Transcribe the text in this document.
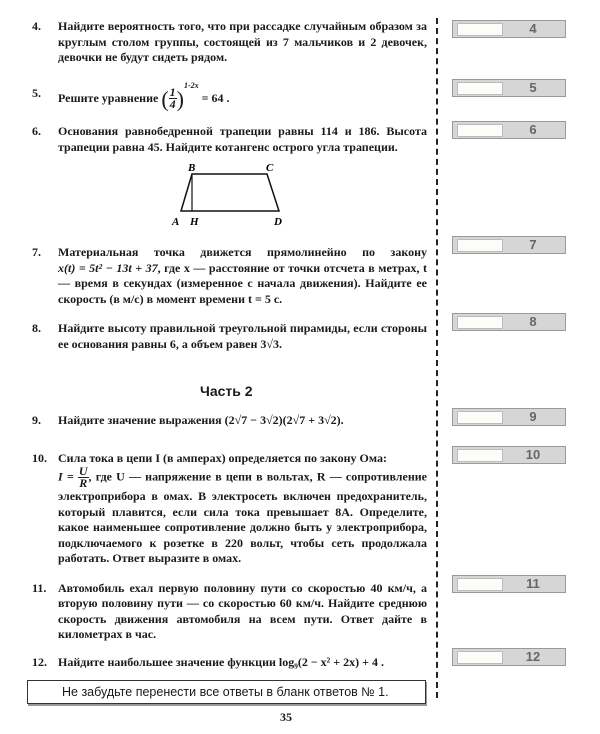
4. Найдите вероятность того, что при рассадке случайным образом за круглым столом группы, состоящей из 7 мальчиков и 2 девочек, девочки не будут сидеть рядом.
5. Решите уравнение ( $\frac{1}{4} )^{1-2x} = 64$ .
6. Основания равнобедренной трапеции равны 114 и 186. Высота трапеции равна 45. Найдите котангенс острого угла трапеции.
B	C
A H	D
7. Материальная точка движется прямолинейно по закону
x(t) = 5t² − 13t + 37, где x — расстояние от точки отсчета в метрах, t — время в секундах (измеренное с начала движения). Найдите ее скорость (в м/с) в момент времени t = 5 с.
8. Найдите высоту правильной треугольной пирамиды, если стороны ее основания равны 6, а объем равен 3√3.
Часть 2
9. Найдите значение выражения (2√7 − 3√2)(2√7 + 3√2).
10. Сила тока в цепи I (в амперах) определяется по закону Ома:
$I = \frac{U}{R}$ , где U — напряжение в цепи в вольтах, R — сопротивление электроприбора в омах. В электросеть включен предохранитель, который плавится, если сила тока превышает 8А. Определите, какое наименьшее сопротивление должно быть у электроприбора, подключаемого к розетке в 220 вольт, чтобы сеть продолжала работать. Ответ выразите в омах.
11. Автомобиль ехал первую половину пути со скоростью 40 км/ч, а вторую половину пути — со скоростью 60 км/ч. Найдите среднюю скорость движения автомобиля на всем пути. Ответ дайте в километрах в час.
12. Найдите наибольшее значение функции log₉(2 − x² + 2x) + 4 .
Не забудьте перенести все ответы в бланк ответов № 1.
35
4
5
6
7
8
9
10
11
12
